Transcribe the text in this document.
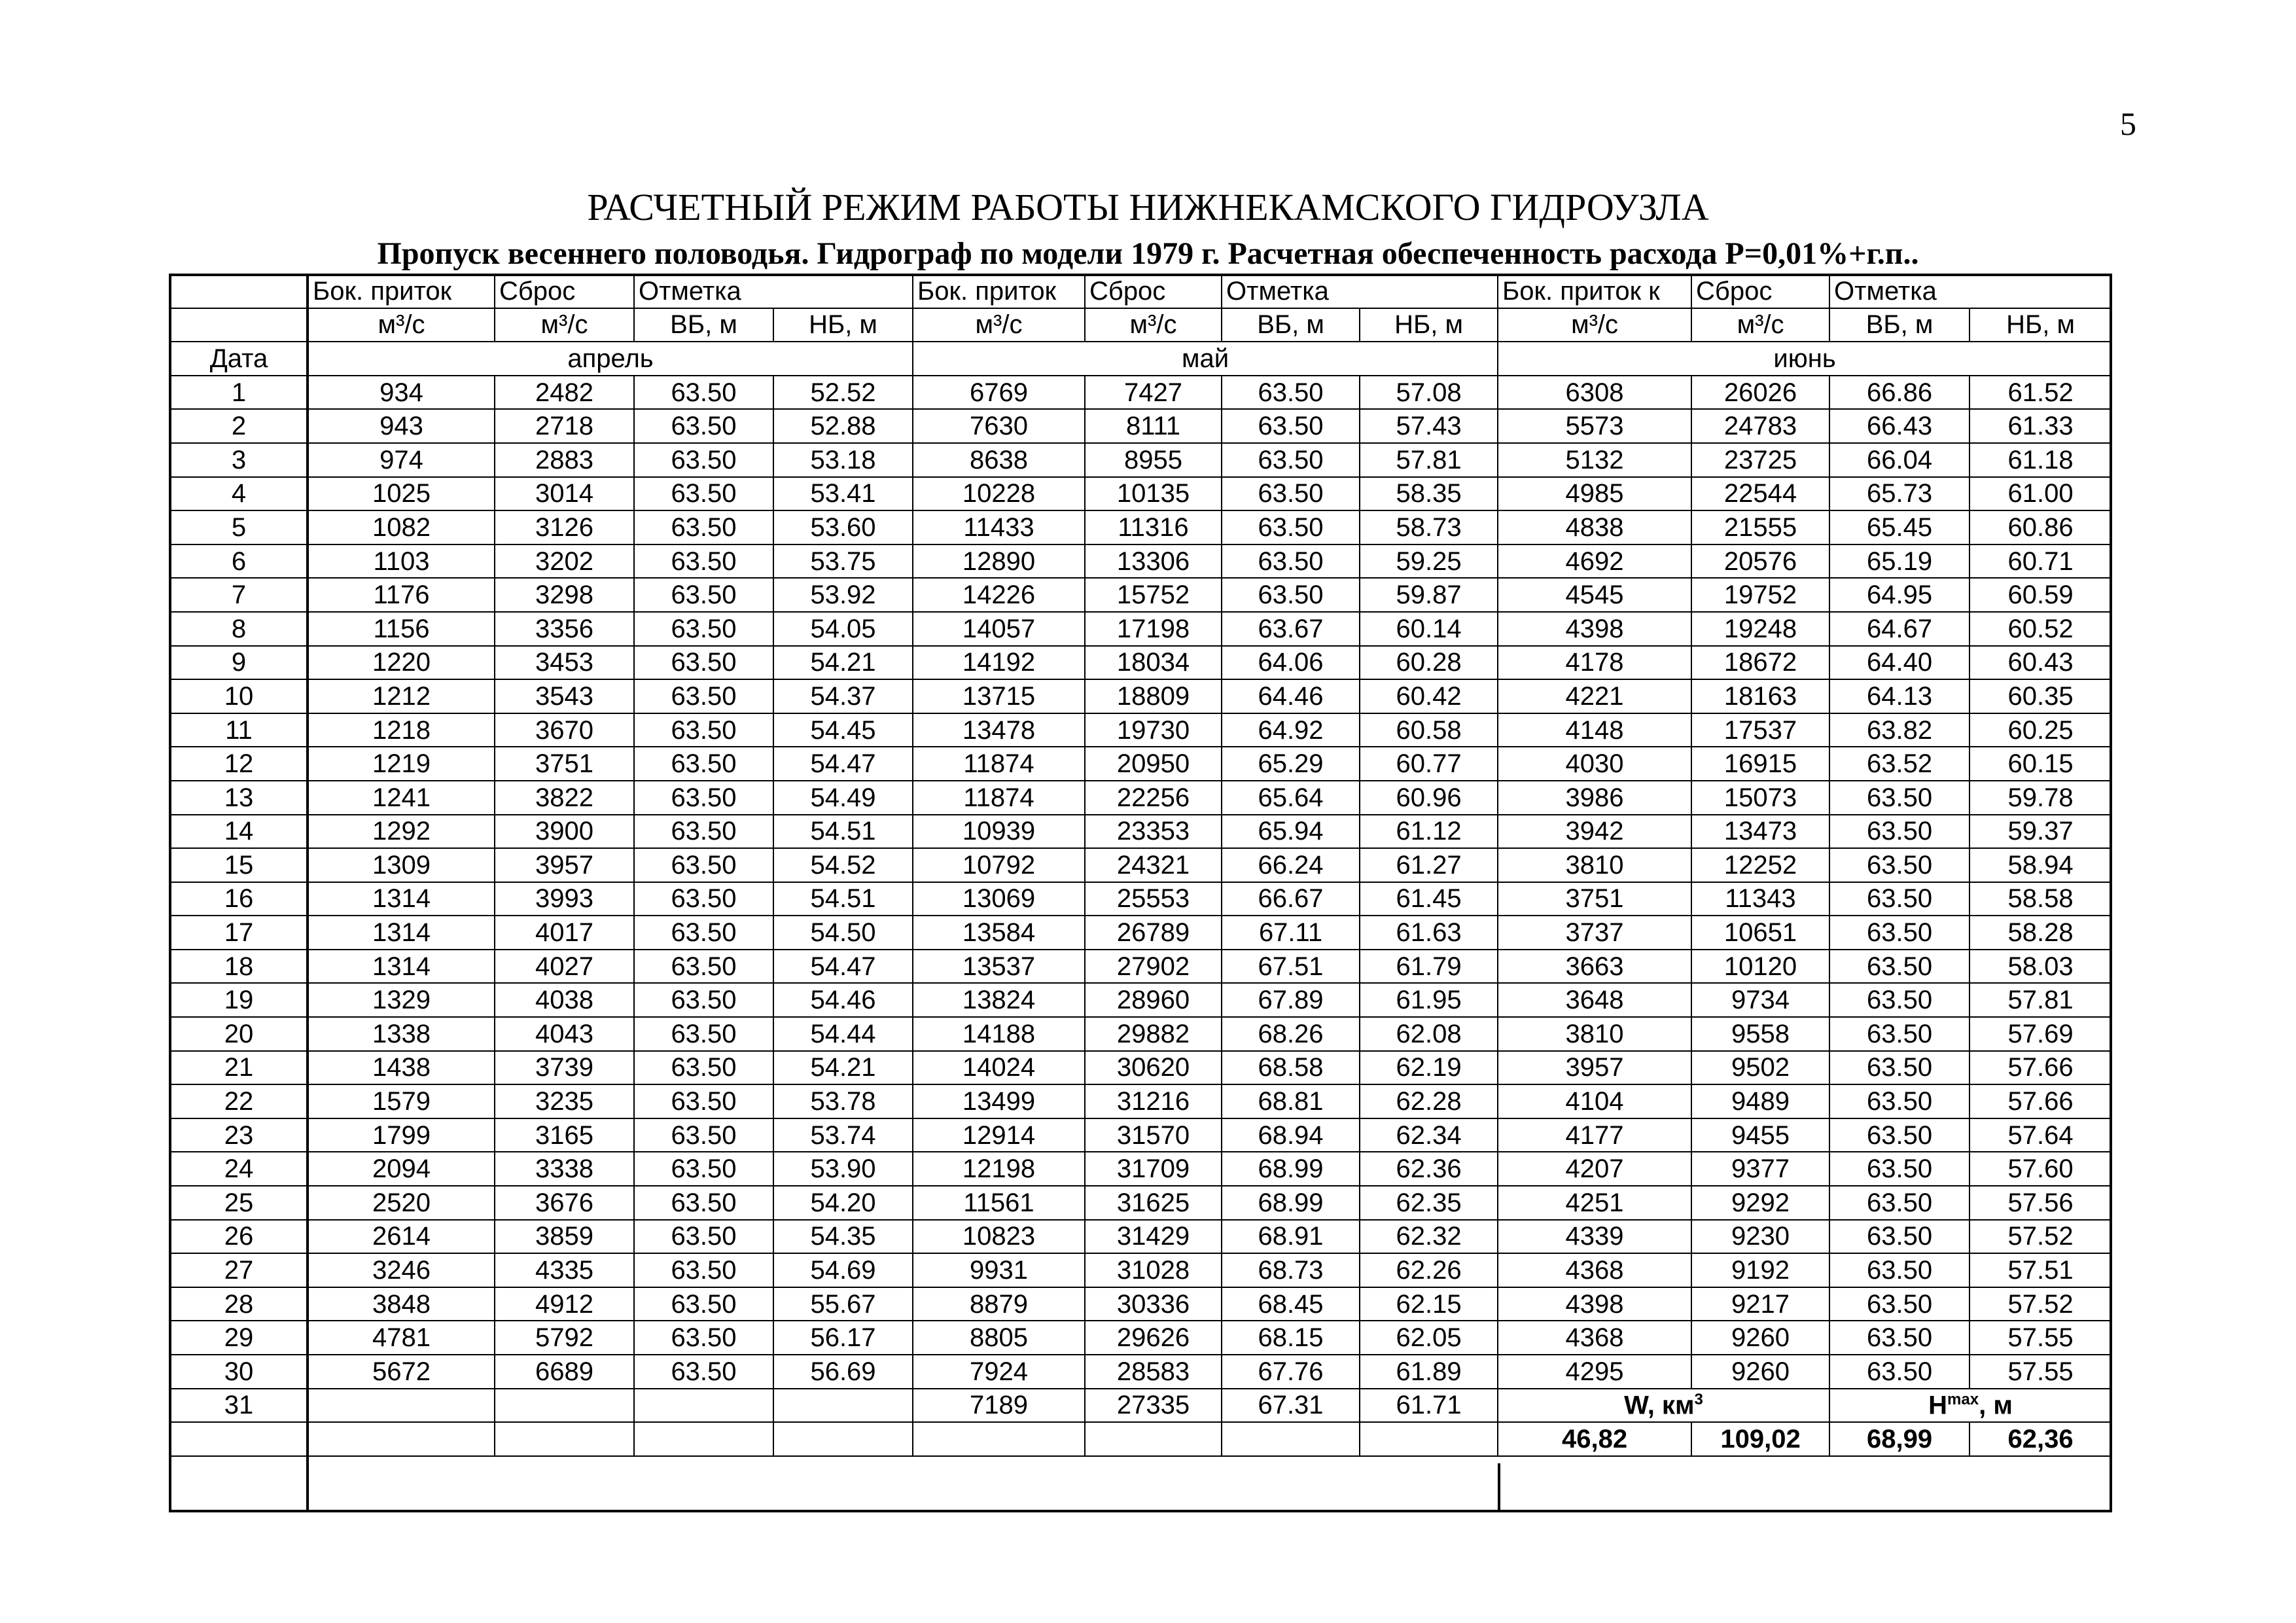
5
РАСЧЕТНЫЙ РЕЖИМ РАБОТЫ НИЖНЕКАМСКОГО ГИДРОУЗЛА
Пропуск весеннего половодья. Гидрограф по модели 1979 г. Расчетная обеспеченность расхода P=0,01%+г.п..
	Бок. приток	Сброс	Отметка		Бок. приток	Сброс	Отметка		Бок. приток к	Сброс	Отметка	
	м³/с	м³/с	ВБ, м	НБ, м	м³/с	м³/с	ВБ, м	НБ, м	м³/с	м³/с	ВБ, м	НБ, м
Дата	апрель				май				июнь			
1	934	2482	63.50	52.52	6769	7427	63.50	57.08	6308	26026	66.86	61.52
2	943	2718	63.50	52.88	7630	8111	63.50	57.43	5573	24783	66.43	61.33
3	974	2883	63.50	53.18	8638	8955	63.50	57.81	5132	23725	66.04	61.18
4	1025	3014	63.50	53.41	10228	10135	63.50	58.35	4985	22544	65.73	61.00
5	1082	3126	63.50	53.60	11433	11316	63.50	58.73	4838	21555	65.45	60.86
6	1103	3202	63.50	53.75	12890	13306	63.50	59.25	4692	20576	65.19	60.71
7	1176	3298	63.50	53.92	14226	15752	63.50	59.87	4545	19752	64.95	60.59
8	1156	3356	63.50	54.05	14057	17198	63.67	60.14	4398	19248	64.67	60.52
9	1220	3453	63.50	54.21	14192	18034	64.06	60.28	4178	18672	64.40	60.43
10	1212	3543	63.50	54.37	13715	18809	64.46	60.42	4221	18163	64.13	60.35
11	1218	3670	63.50	54.45	13478	19730	64.92	60.58	4148	17537	63.82	60.25
12	1219	3751	63.50	54.47	11874	20950	65.29	60.77	4030	16915	63.52	60.15
13	1241	3822	63.50	54.49	11874	22256	65.64	60.96	3986	15073	63.50	59.78
14	1292	3900	63.50	54.51	10939	23353	65.94	61.12	3942	13473	63.50	59.37
15	1309	3957	63.50	54.52	10792	24321	66.24	61.27	3810	12252	63.50	58.94
16	1314	3993	63.50	54.51	13069	25553	66.67	61.45	3751	11343	63.50	58.58
17	1314	4017	63.50	54.50	13584	26789	67.11	61.63	3737	10651	63.50	58.28
18	1314	4027	63.50	54.47	13537	27902	67.51	61.79	3663	10120	63.50	58.03
19	1329	4038	63.50	54.46	13824	28960	67.89	61.95	3648	9734	63.50	57.81
20	1338	4043	63.50	54.44	14188	29882	68.26	62.08	3810	9558	63.50	57.69
21	1438	3739	63.50	54.21	14024	30620	68.58	62.19	3957	9502	63.50	57.66
22	1579	3235	63.50	53.78	13499	31216	68.81	62.28	4104	9489	63.50	57.66
23	1799	3165	63.50	53.74	12914	31570	68.94	62.34	4177	9455	63.50	57.64
24	2094	3338	63.50	53.90	12198	31709	68.99	62.36	4207	9377	63.50	57.60
25	2520	3676	63.50	54.20	11561	31625	68.99	62.35	4251	9292	63.50	57.56
26	2614	3859	63.50	54.35	10823	31429	68.91	62.32	4339	9230	63.50	57.52
27	3246	4335	63.50	54.69	9931	31028	68.73	62.26	4368	9192	63.50	57.51
28	3848	4912	63.50	55.67	8879	30336	68.45	62.15	4398	9217	63.50	57.52
29	4781	5792	63.50	56.17	8805	29626	68.15	62.05	4368	9260	63.50	57.55
30	5672	6689	63.50	56.69	7924	28583	67.76	61.89	4295	9260	63.50	57.55
31					7189	27335	67.31	61.71	W, $км^3$		$H^{max}$, м	
									46,82	109,02	68,99	62,36
